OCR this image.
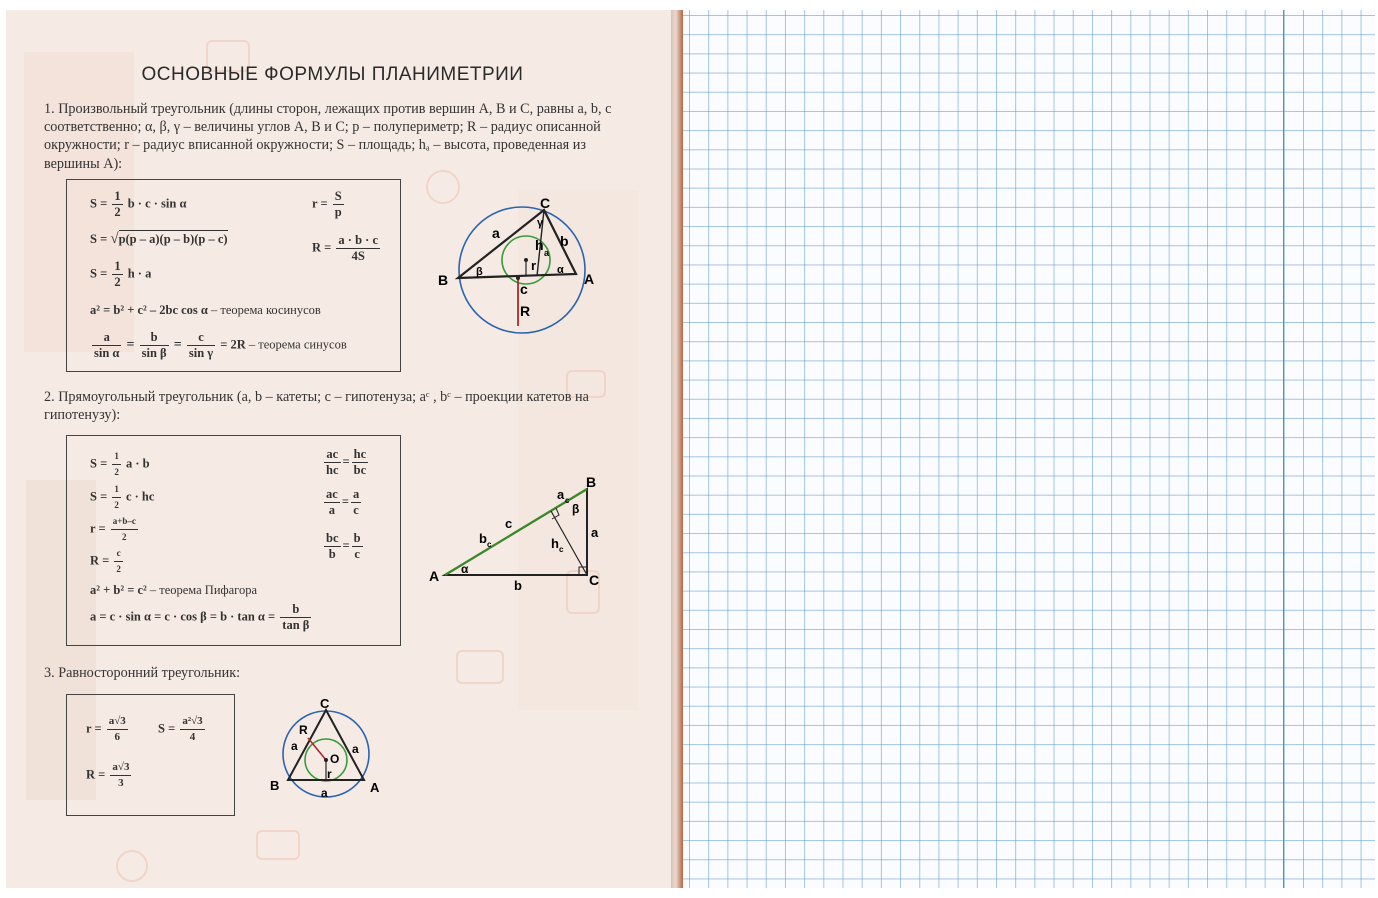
ОСНОВНЫЕ ФОРМУЛЫ ПЛАНИМЕТРИИ
1. Произвольный треугольник (длины сторон, лежащих против вершин А, В и С, равны a, b, c соответственно; α, β, γ – величины углов А, В и С; p – полупериметр; R – радиус описанной окружности; r – радиус вписанной окружности; S – площадь; hₐ – высота, проведенная из вершины А):
$S = \frac{1}{2}$ b · c · sin α	$r = \frac{S}{p}$
S = √p(p – a)(p – b)(p – c)
$R = \frac{a \cdot b \cdot c}{4S}$
$S = \frac{1}{2}$ h · a
a² = b² + c² – 2bc cos α – теорема косинусов
$\frac{a}{\text{sin α}} = \frac{b}{\text{sin β}} = \frac{c}{\text{sin γ}} = 2R$ – теорема синусов
B	A
C
a	b
c
R
h a
r
β	α
γ
2. Прямоугольный треугольник (a, b – катеты; c – гипотенуза; aᶜ , bᶜ – проекции катетов на гипотенузу):
$S = \frac{1}{2}$ a · b
$S = \frac{1}{2}$ c · hc
$r = \frac{a+b-c}{2}$
$R = \frac{c}{2}$
$\frac{ac}{hc} = \frac{hc}{bc}$
$\frac{ac}{a} = \frac{a}{c}$
$\frac{bc}{b} = \frac{b}{c}$
a² + b² = c² – теорема Пифагора
$a = c \cdot \sin \alpha = c \cdot \cos \beta = b \cdot \tan \alpha = \frac{b}{\text{tan β}}$
A
B
C
a
b
c
b c
a c
h c
α
β
3. Равносторонний треугольник:
$r = \frac{a√3}{6}$ $S = \frac{\text{a²√3}}{4}$
$R = \frac{a√3}{3}$	B	A
C
O
R
r
a	a
a
